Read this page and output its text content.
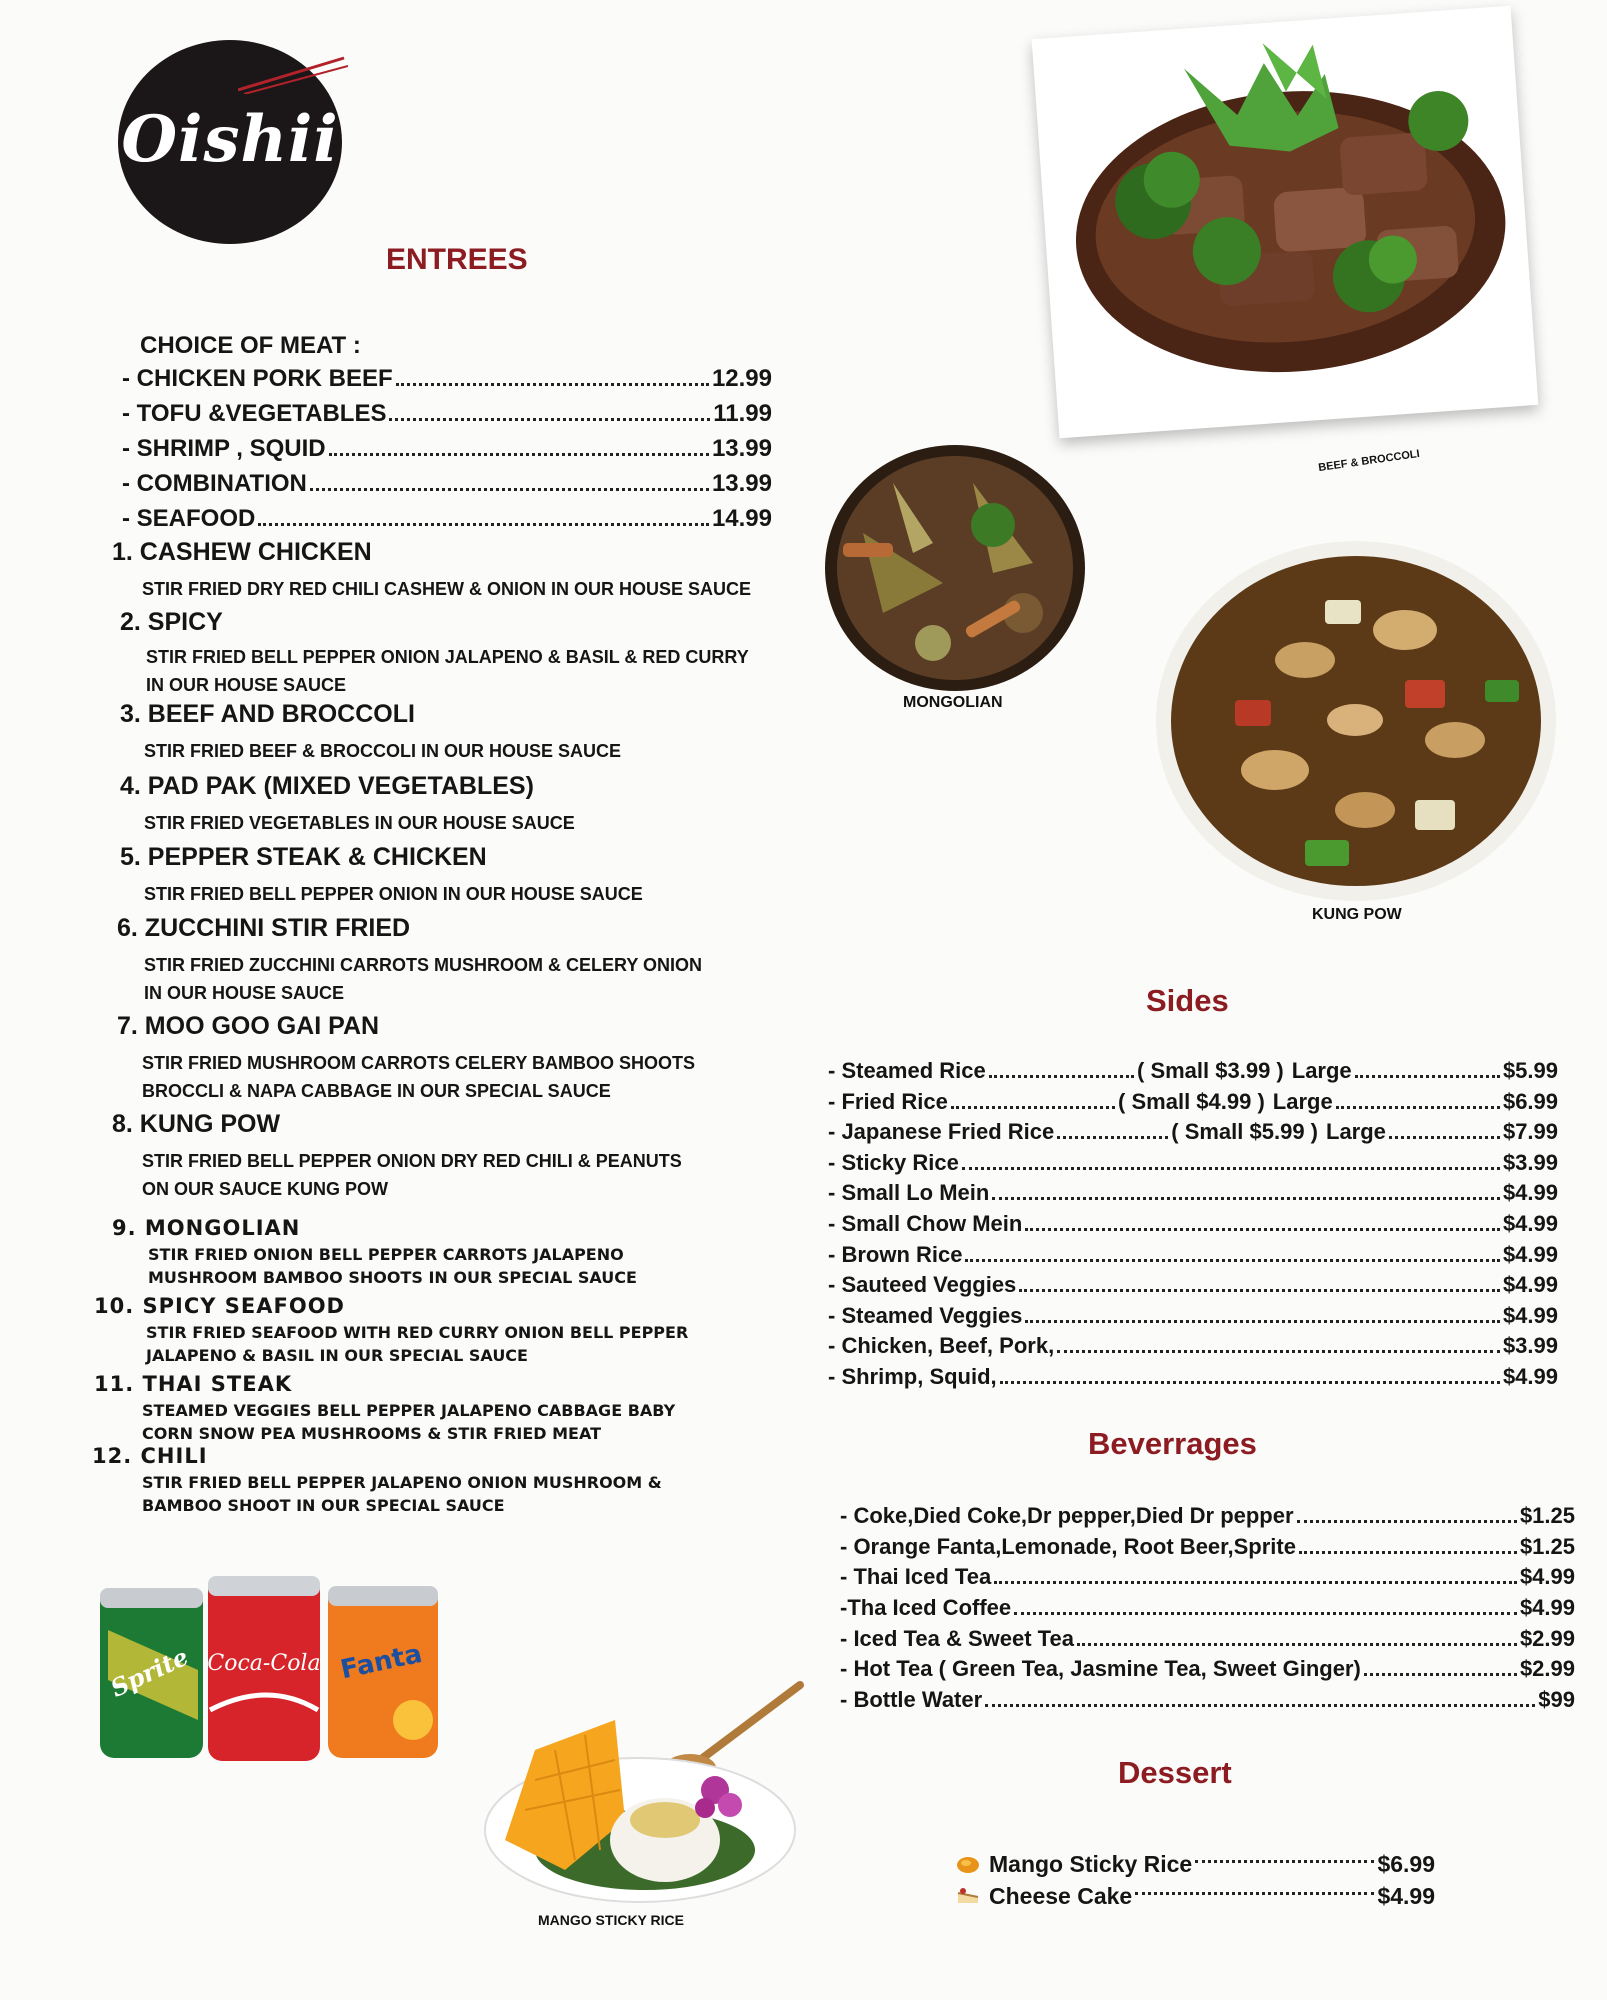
Oishii
ENTREES
CHOICE OF MEAT :
- CHICKEN PORK BEEF	12.99
- TOFU &VEGETABLES	11.99
- SHRIMP , SQUID	13.99
- COMBINATION	13.99
- SEAFOOD	14.99
1. CASHEW CHICKEN
STIR FRIED DRY RED CHILI CASHEW & ONION IN OUR HOUSE SAUCE
2. SPICY
STIR FRIED BELL PEPPER ONION JALAPENO & BASIL & RED CURRY
IN OUR HOUSE SAUCE
3. BEEF AND BROCCOLI
STIR FRIED BEEF & BROCCOLI IN OUR HOUSE SAUCE
4. PAD PAK (MIXED VEGETABLES)
STIR FRIED VEGETABLES IN OUR HOUSE SAUCE
5. PEPPER STEAK & CHICKEN
STIR FRIED BELL PEPPER ONION IN OUR HOUSE SAUCE
6. ZUCCHINI STIR FRIED
STIR FRIED ZUCCHINI CARROTS MUSHROOM & CELERY ONION
IN OUR HOUSE SAUCE
7. MOO GOO GAI PAN
STIR FRIED MUSHROOM CARROTS CELERY BAMBOO SHOOTS
BROCCLI & NAPA CABBAGE IN OUR SPECIAL SAUCE
8. KUNG POW
STIR FRIED BELL PEPPER ONION DRY RED CHILI & PEANUTS
ON OUR SAUCE KUNG POW
9. MONGOLIAN
STIR FRIED ONION BELL PEPPER CARROTS JALAPENO
MUSHROOM BAMBOO SHOOTS IN OUR SPECIAL SAUCE
10. SPICY SEAFOOD
STIR FRIED SEAFOOD WITH RED CURRY ONION BELL PEPPER
JALAPENO & BASIL IN OUR SPECIAL SAUCE
11. THAI STEAK
STEAMED VEGGIES BELL PEPPER JALAPENO CABBAGE BABY
CORN SNOW PEA MUSHROOMS & STIR FRIED MEAT
12. CHILI
STIR FRIED BELL PEPPER JALAPENO ONION MUSHROOM &
BAMBOO SHOOT IN OUR SPECIAL SAUCE
BEEF & BROCCOLI
MONGOLIAN
KUNG POW
Sprite Coca-Cola Fanta
MANGO STICKY RICE
Sides
- Steamed Rice	( Small $3.99 ) Large	$5.99
- Fried Rice	( Small $4.99 ) Large	$6.99
- Japanese Fried Rice	( Small $5.99 ) Large	$7.99
- Sticky Rice	$3.99
- Small Lo Mein	$4.99
- Small Chow Mein	$4.99
- Brown Rice	$4.99
- Sauteed Veggies	$4.99
- Steamed Veggies	$4.99
- Chicken, Beef, Pork,	$3.99
- Shrimp, Squid,	$4.99
Beverrages
- Coke,Died Coke,Dr pepper,Died Dr pepper	$1.25
- Orange Fanta,Lemonade, Root Beer,Sprite	$1.25
- Thai Iced Tea	$4.99
-Tha Iced Coffee	$4.99
- Iced Tea & Sweet Tea	$2.99
- Hot Tea ( Green Tea, Jasmine Tea, Sweet Ginger)	$2.99
- Bottle Water	$99
Dessert
Mango Sticky Rice	$6.99
Cheese Cake	$4.99
